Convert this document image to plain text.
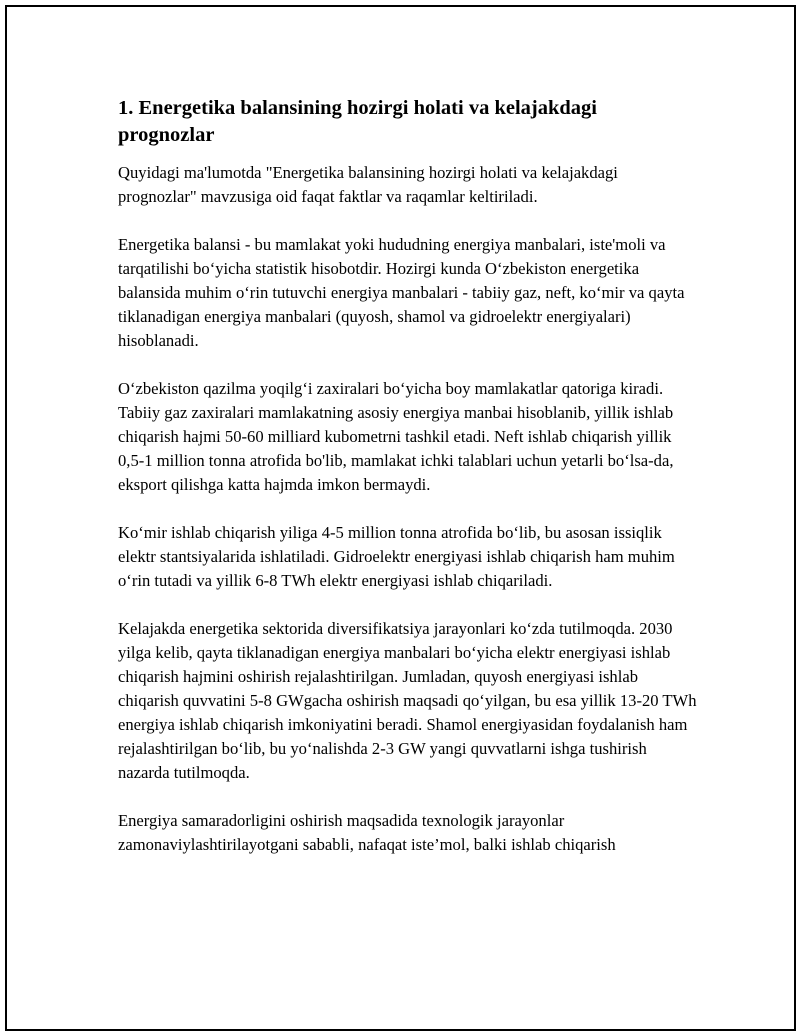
1. Energetika balansining hozirgi holati va kelajakdagi prognozlar

Quyidagi ma'lumotda "Energetika balansining hozirgi holati va kelajakdagi prognozlar" mavzusiga oid faqat faktlar va raqamlar keltiriladi.

Energetika balansi - bu mamlakat yoki hududning energiya manbalari, iste'moli va tarqatilishi bo‘yicha statistik hisobotdir. Hozirgi kunda O‘zbekiston energetika balansida muhim o‘rin tutuvchi energiya manbalari - tabiiy gaz, neft, ko‘mir va qayta tiklanadigan energiya manbalari (quyosh, shamol va gidroelektr energiyalari) hisoblanadi.

O‘zbekiston qazilma yoqilg‘i zaxiralari bo‘yicha boy mamlakatlar qatoriga kiradi. Tabiiy gaz zaxiralari mamlakatning asosiy energiya manbai hisoblanib, yillik ishlab chiqarish hajmi 50-60 milliard kubometrni tashkil etadi. Neft ishlab chiqarish yillik 0,5-1 million tonna atrofida bo'lib, mamlakat ichki talablari uchun yetarli bo‘lsa-da, eksport qilishga katta hajmda imkon bermaydi.

Ko‘mir ishlab chiqarish yiliga 4-5 million tonna atrofida bo‘lib, bu asosan issiqlik elektr stantsiyalarida ishlatiladi. Gidroelektr energiyasi ishlab chiqarish ham muhim o‘rin tutadi va yillik 6-8 TWh elektr energiyasi ishlab chiqariladi.

Kelajakda energetika sektorida diversifikatsiya jarayonlari ko‘zda tutilmoqda. 2030 yilga kelib, qayta tiklanadigan energiya manbalari bo‘yicha elektr energiyasi ishlab chiqarish hajmini oshirish rejalashtirilgan. Jumladan, quyosh energiyasi ishlab chiqarish quvvatini 5-8 GWgacha oshirish maqsadi qo‘yilgan, bu esa yillik 13-20 TWh energiya ishlab chiqarish imkoniyatini beradi. Shamol energiyasidan foydalanish ham rejalashtirilgan bo‘lib, bu yo‘nalishda 2-3 GW yangi quvvatlarni ishga tushirish nazarda tutilmoqda.

Energiya samaradorligini oshirish maqsadida texnologik jarayonlar zamonaviylashtirilayotgani sababli, nafaqat iste’mol, balki ishlab chiqarish
